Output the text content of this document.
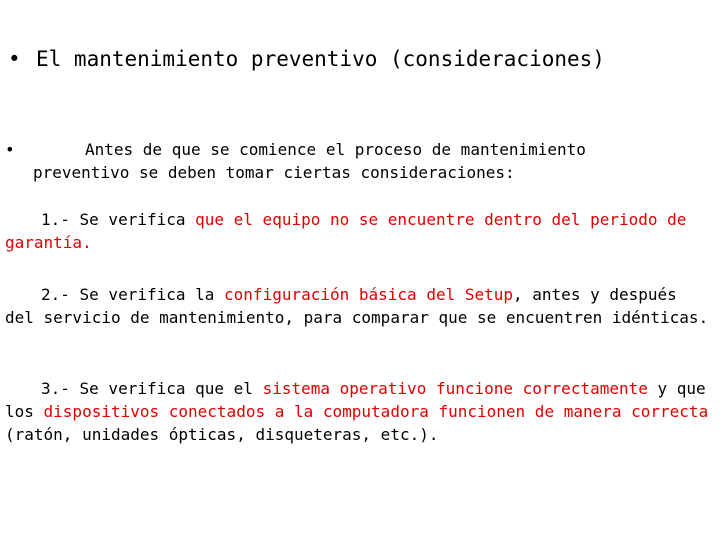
• El mantenimiento preventivo (consideraciones)
•	Antes de que se comience el proceso de mantenimiento
preventivo se deben tomar ciertas consideraciones:
1.- Se verifica que el equipo no se encuentre dentro del periodo de garantía.
2.- Se verifica la configuración básica del Setup, antes y después del servicio de mantenimiento, para comparar que se encuentren idénticas.
3.- Se verifica que el sistema operativo funcione correctamente y que los dispositivos conectados a la computadora funcionen de manera correcta (ratón, unidades ópticas, disqueteras, etc.).
